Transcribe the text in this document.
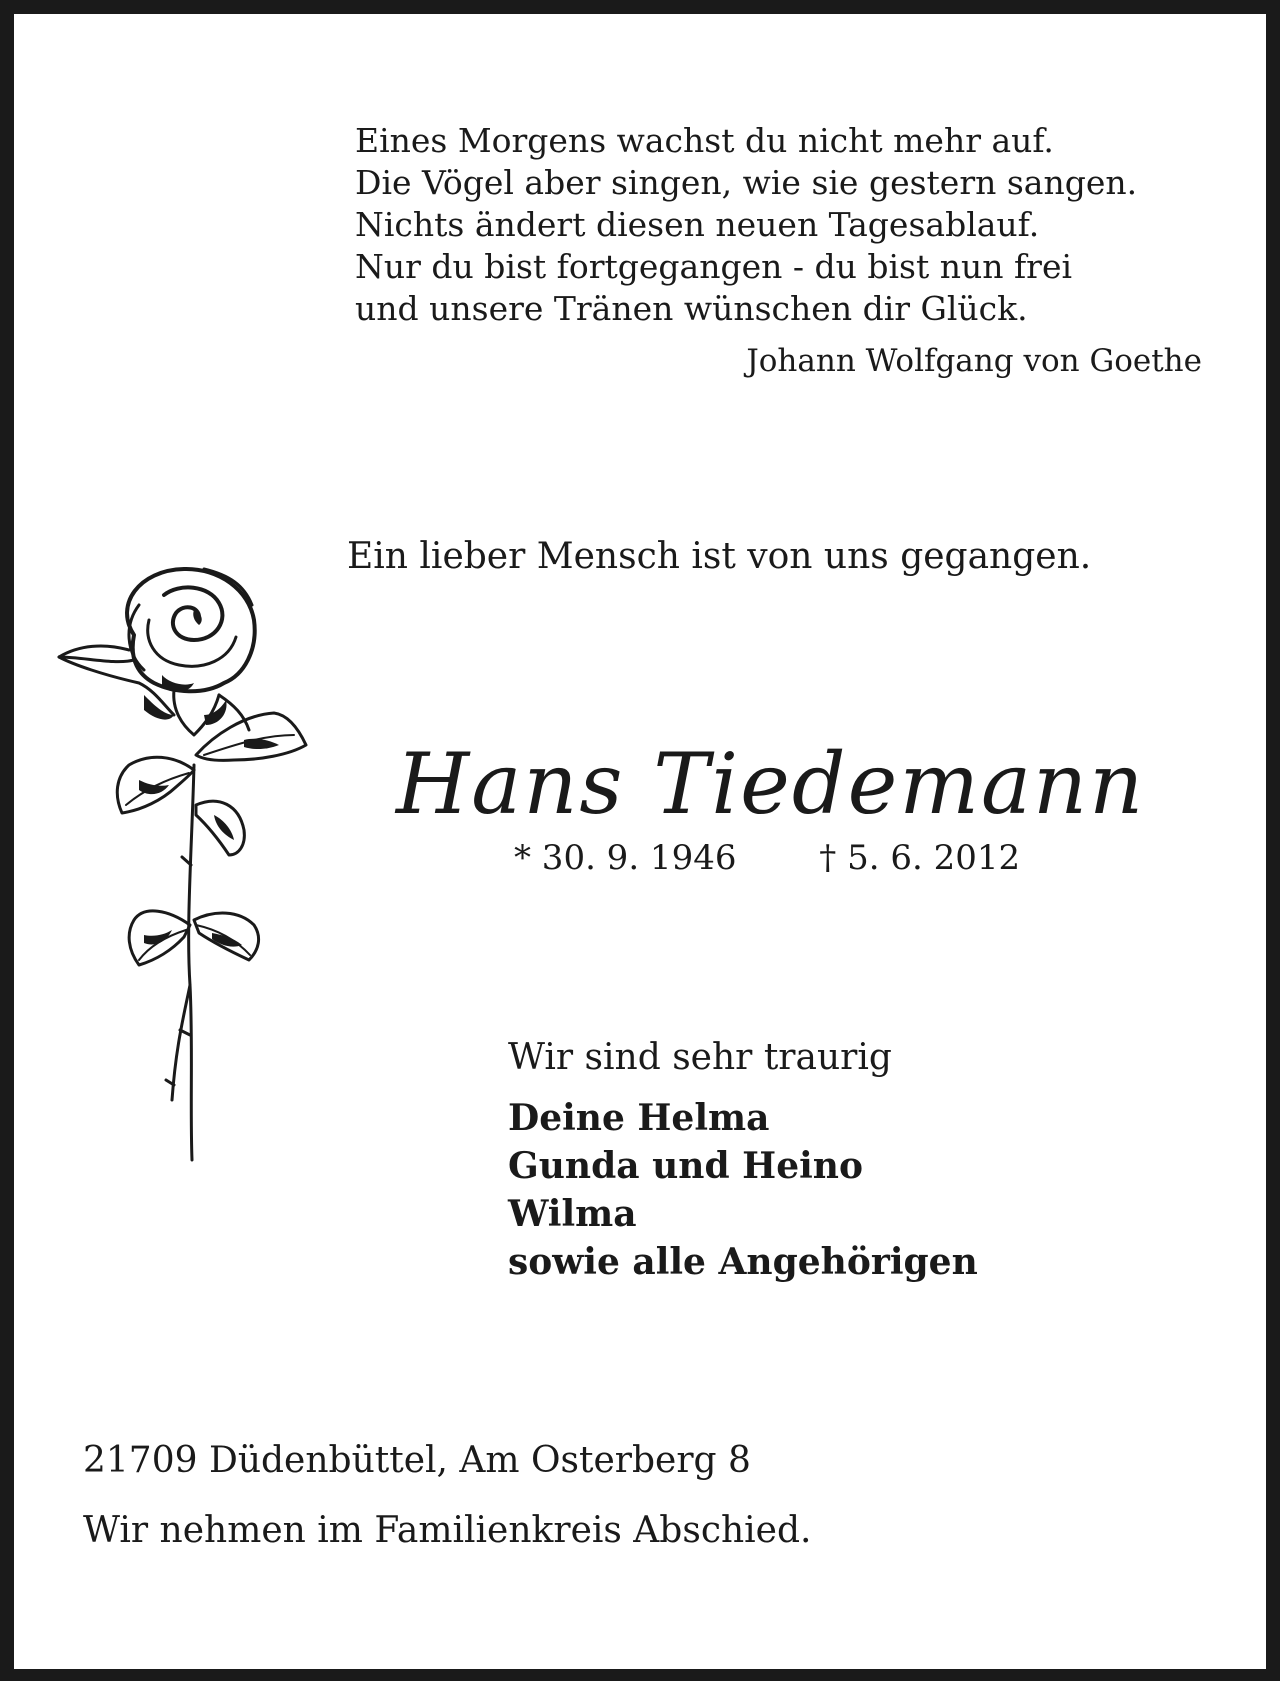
Eines Morgens wachst du nicht mehr auf.
Die Vögel aber singen, wie sie gestern sangen.
Nichts ändert diesen neuen Tagesablauf.
Nur du bist fortgegangen - du bist nun frei
und unsere Tränen wünschen dir Glück.
Johann Wolfgang von Goethe
Ein lieber Mensch ist von uns gegangen.
Hans Tiedemann
* 30. 9. 1946 † 5. 6. 2012
Wir sind sehr traurig
Deine Helma
Gunda und Heino
Wilma
sowie alle Angehörigen
21709 Düdenbüttel, Am Osterberg 8
Wir nehmen im Familienkreis Abschied.
